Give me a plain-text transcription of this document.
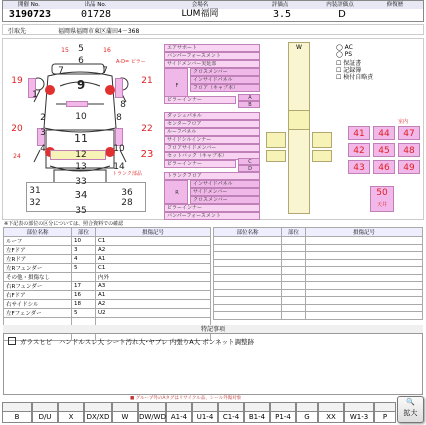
開催 No.	出品 No.	会場名	評価点	内装評価点	修復歴
3190723	01728	LUM福岡	3.5	D
引取先	福岡県福岡市東区蒲田4－368
5
6
7	7
1
8
9
2	10	8
3	11
4	10
12
13	14
19	21
20	22
23
15	16
24
A-D= ピラー
トランク部品
31
33
34
32
36
28
35
エアサポート
バンパーフォースメント
サイドメンバー実延部
F
クロスメンバー
インサイドパネル
フロア（キャブ本）
ピラーインナー	A
B
ダッシュパネル
センターフロア
ルーフパネル
サイドシルインナー
フロアサイドメンバー
セットバック（キャブ本）
ピラーインナー	C
D
トランクフロア
R
インサイドパネル
サイドメンバー
クロスメンバー
ピラーインナー
バンパーフォースメント
W	◯ AC
◯ PS
☐ 保証書
☐ 記録簿
☐ 検付自略責
室内
41	44	47
42	45	48
43	46	49
50
天井
※下記表の部位の区分については、照合資料での確認
部位名称	部位	損傷記号
ルーフ	10	C1
左Fドア	3	A2
左Rドア	4	A1
左Rフェンダー	5	C1
その他・損傷なし		内外
右Rフェンダー	17	A3
右Fドア	16	A1
右サイドシル	18	A2
左Fフェンダー	5	U2

部位名称	部位	損傷記号

特記事項
ガラスヒビ　ハンドルスレ大 シート汚れ大･ヤブレ 内張りA大 ボンネット調整跡
■ グループ外のAタグはリサイクル品、シール外傷対象
B	D/U	X	DX/XD	W	DW/WD A1-4	U1-4	C1-4	B1-4	P1-4	G	XX	W1-3	P
🔍
拡大
